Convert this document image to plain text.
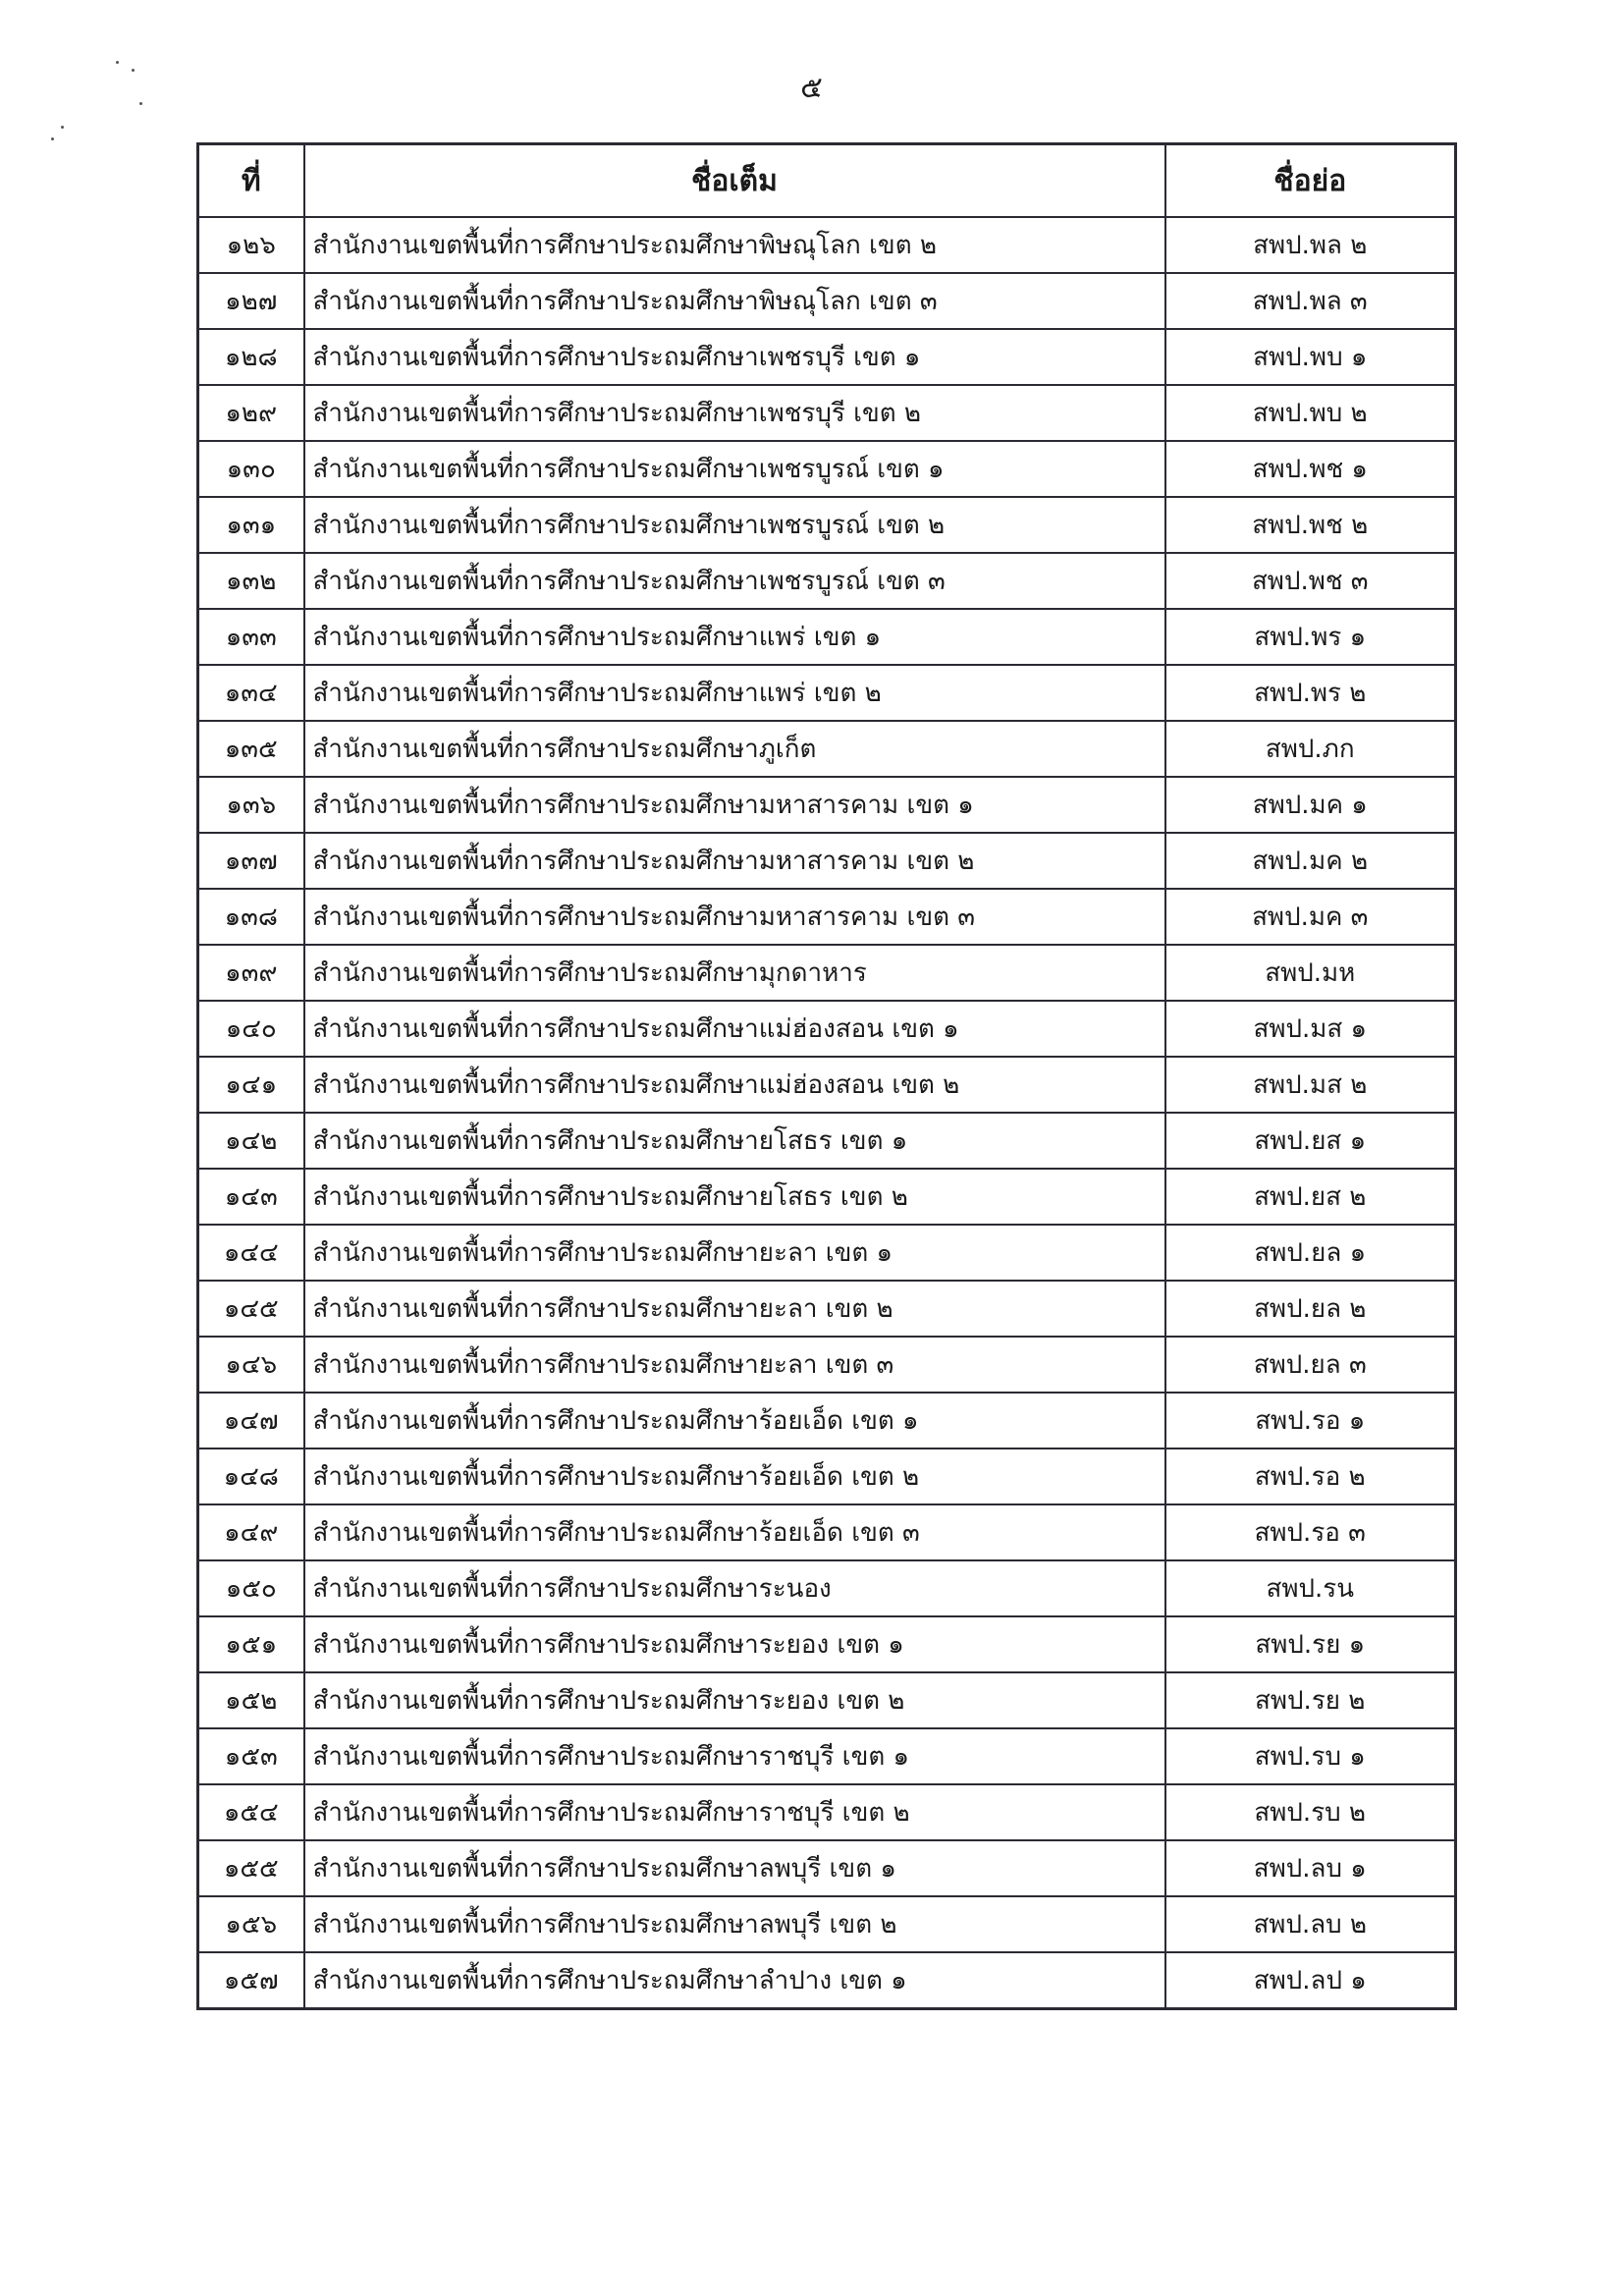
๕
ที่	ชื่อเต็ม	ชื่อย่อ
๑๒๖	สำนักงานเขตพื้นที่การศึกษาประถมศึกษาพิษณุโลก เขต ๒	สพป.พล ๒
๑๒๗	สำนักงานเขตพื้นที่การศึกษาประถมศึกษาพิษณุโลก เขต ๓	สพป.พล ๓
๑๒๘	สำนักงานเขตพื้นที่การศึกษาประถมศึกษาเพชรบุรี เขต ๑	สพป.พบ ๑
๑๒๙	สำนักงานเขตพื้นที่การศึกษาประถมศึกษาเพชรบุรี เขต ๒	สพป.พบ ๒
๑๓๐	สำนักงานเขตพื้นที่การศึกษาประถมศึกษาเพชรบูรณ์ เขต ๑	สพป.พช ๑
๑๓๑	สำนักงานเขตพื้นที่การศึกษาประถมศึกษาเพชรบูรณ์ เขต ๒	สพป.พช ๒
๑๓๒	สำนักงานเขตพื้นที่การศึกษาประถมศึกษาเพชรบูรณ์ เขต ๓	สพป.พช ๓
๑๓๓	สำนักงานเขตพื้นที่การศึกษาประถมศึกษาแพร่ เขต ๑	สพป.พร ๑
๑๓๔	สำนักงานเขตพื้นที่การศึกษาประถมศึกษาแพร่ เขต ๒	สพป.พร ๒
๑๓๕	สำนักงานเขตพื้นที่การศึกษาประถมศึกษาภูเก็ต	สพป.ภก
๑๓๖	สำนักงานเขตพื้นที่การศึกษาประถมศึกษามหาสารคาม เขต ๑	สพป.มค ๑
๑๓๗	สำนักงานเขตพื้นที่การศึกษาประถมศึกษามหาสารคาม เขต ๒	สพป.มค ๒
๑๓๘	สำนักงานเขตพื้นที่การศึกษาประถมศึกษามหาสารคาม เขต ๓	สพป.มค ๓
๑๓๙	สำนักงานเขตพื้นที่การศึกษาประถมศึกษามุกดาหาร	สพป.มห
๑๔๐	สำนักงานเขตพื้นที่การศึกษาประถมศึกษาแม่ฮ่องสอน เขต ๑	สพป.มส ๑
๑๔๑	สำนักงานเขตพื้นที่การศึกษาประถมศึกษาแม่ฮ่องสอน เขต ๒	สพป.มส ๒
๑๔๒	สำนักงานเขตพื้นที่การศึกษาประถมศึกษายโสธร เขต ๑	สพป.ยส ๑
๑๔๓	สำนักงานเขตพื้นที่การศึกษาประถมศึกษายโสธร เขต ๒	สพป.ยส ๒
๑๔๔	สำนักงานเขตพื้นที่การศึกษาประถมศึกษายะลา เขต ๑	สพป.ยล ๑
๑๔๕	สำนักงานเขตพื้นที่การศึกษาประถมศึกษายะลา เขต ๒	สพป.ยล ๒
๑๔๖	สำนักงานเขตพื้นที่การศึกษาประถมศึกษายะลา เขต ๓	สพป.ยล ๓
๑๔๗	สำนักงานเขตพื้นที่การศึกษาประถมศึกษาร้อยเอ็ด เขต ๑	สพป.รอ ๑
๑๔๘	สำนักงานเขตพื้นที่การศึกษาประถมศึกษาร้อยเอ็ด เขต ๒	สพป.รอ ๒
๑๔๙	สำนักงานเขตพื้นที่การศึกษาประถมศึกษาร้อยเอ็ด เขต ๓	สพป.รอ ๓
๑๕๐	สำนักงานเขตพื้นที่การศึกษาประถมศึกษาระนอง	สพป.รน
๑๕๑	สำนักงานเขตพื้นที่การศึกษาประถมศึกษาระยอง เขต ๑	สพป.รย ๑
๑๕๒	สำนักงานเขตพื้นที่การศึกษาประถมศึกษาระยอง เขต ๒	สพป.รย ๒
๑๕๓	สำนักงานเขตพื้นที่การศึกษาประถมศึกษาราชบุรี เขต ๑	สพป.รบ ๑
๑๕๔	สำนักงานเขตพื้นที่การศึกษาประถมศึกษาราชบุรี เขต ๒	สพป.รบ ๒
๑๕๕	สำนักงานเขตพื้นที่การศึกษาประถมศึกษาลพบุรี เขต ๑	สพป.ลบ ๑
๑๕๖	สำนักงานเขตพื้นที่การศึกษาประถมศึกษาลพบุรี เขต ๒	สพป.ลบ ๒
๑๕๗	สำนักงานเขตพื้นที่การศึกษาประถมศึกษาลำปาง เขต ๑	สพป.ลป ๑
